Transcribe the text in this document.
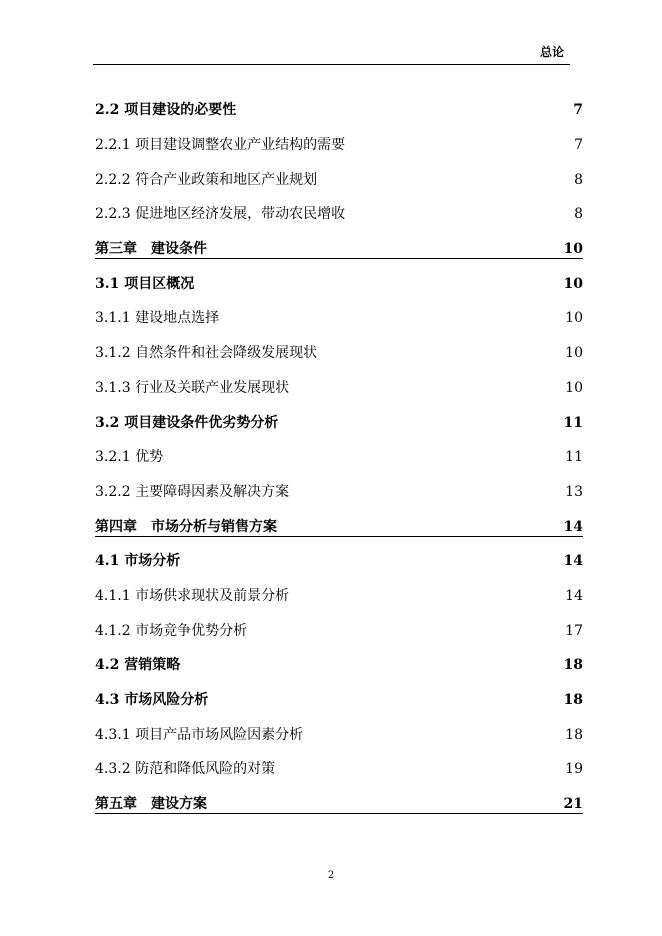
总论
2.2 项目建设的必要性	7
2.2.1 项目建设调整农业产业结构的需要	7
2.2.2 符合产业政策和地区产业规划	8
2.2.3 促进地区经济发展，带动农民增收	8
第三章　建设条件	10
3.1 项目区概况	10
3.1.1 建设地点选择	10
3.1.2 自然条件和社会降级发展现状	10
3.1.3 行业及关联产业发展现状	10
3.2 项目建设条件优劣势分析	11
3.2.1 优势	11
3.2.2 主要障碍因素及解决方案	13
第四章　市场分析与销售方案	14
4.1 市场分析	14
4.1.1 市场供求现状及前景分析	14
4.1.2 市场竞争优势分析	17
4.2 营销策略	18
4.3 市场风险分析	18
4.3.1 项目产品市场风险因素分析	18
4.3.2 防范和降低风险的对策	19
第五章　建设方案	21
2
